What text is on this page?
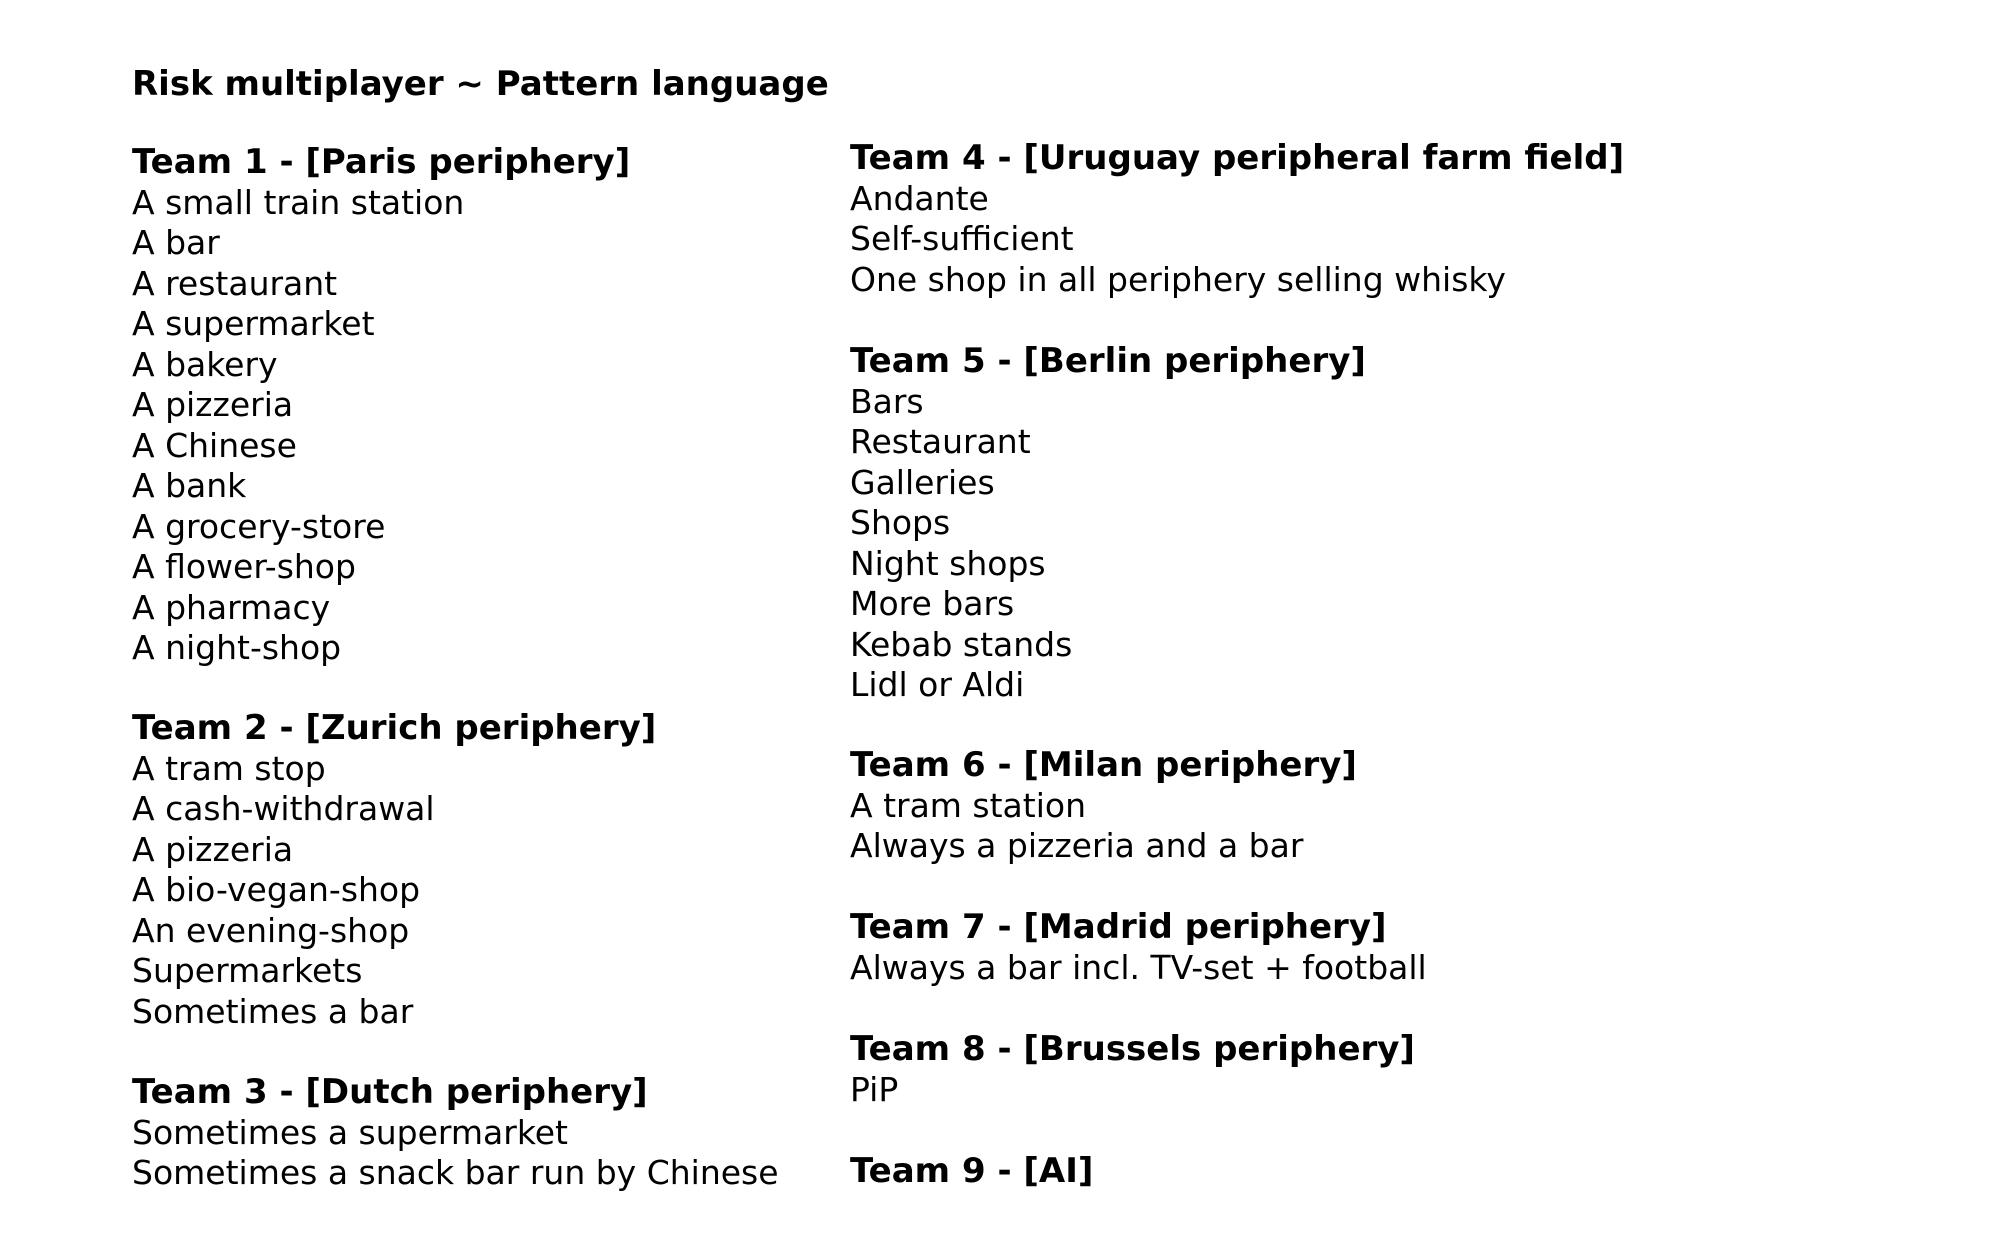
Risk multiplayer ~ Pattern language
Team 1 - [Paris periphery]
A small train station
A bar
A restaurant
A supermarket
A bakery
A pizzeria
A Chinese
A bank
A grocery-store
A flower-shop
A pharmacy
A night-shop
Team 2 - [Zurich periphery]
A tram stop
A cash-withdrawal
A pizzeria
A bio-vegan-shop
An evening-shop
Supermarkets
Sometimes a bar
Team 3 - [Dutch periphery]
Sometimes a supermarket
Sometimes a snack bar run by Chinese
Team 4 - [Uruguay peripheral farm field]
Andante
Self-sufficient
One shop in all periphery selling whisky
Team 5 - [Berlin periphery]
Bars
Restaurant
Galleries
Shops
Night shops
More bars
Kebab stands
Lidl or Aldi
Team 6 - [Milan periphery]
A tram station
Always a pizzeria and a bar
Team 7 - [Madrid periphery]
Always a bar incl. TV-set + football
Team 8 - [Brussels periphery]
PiP
Team 9 - [AI]
